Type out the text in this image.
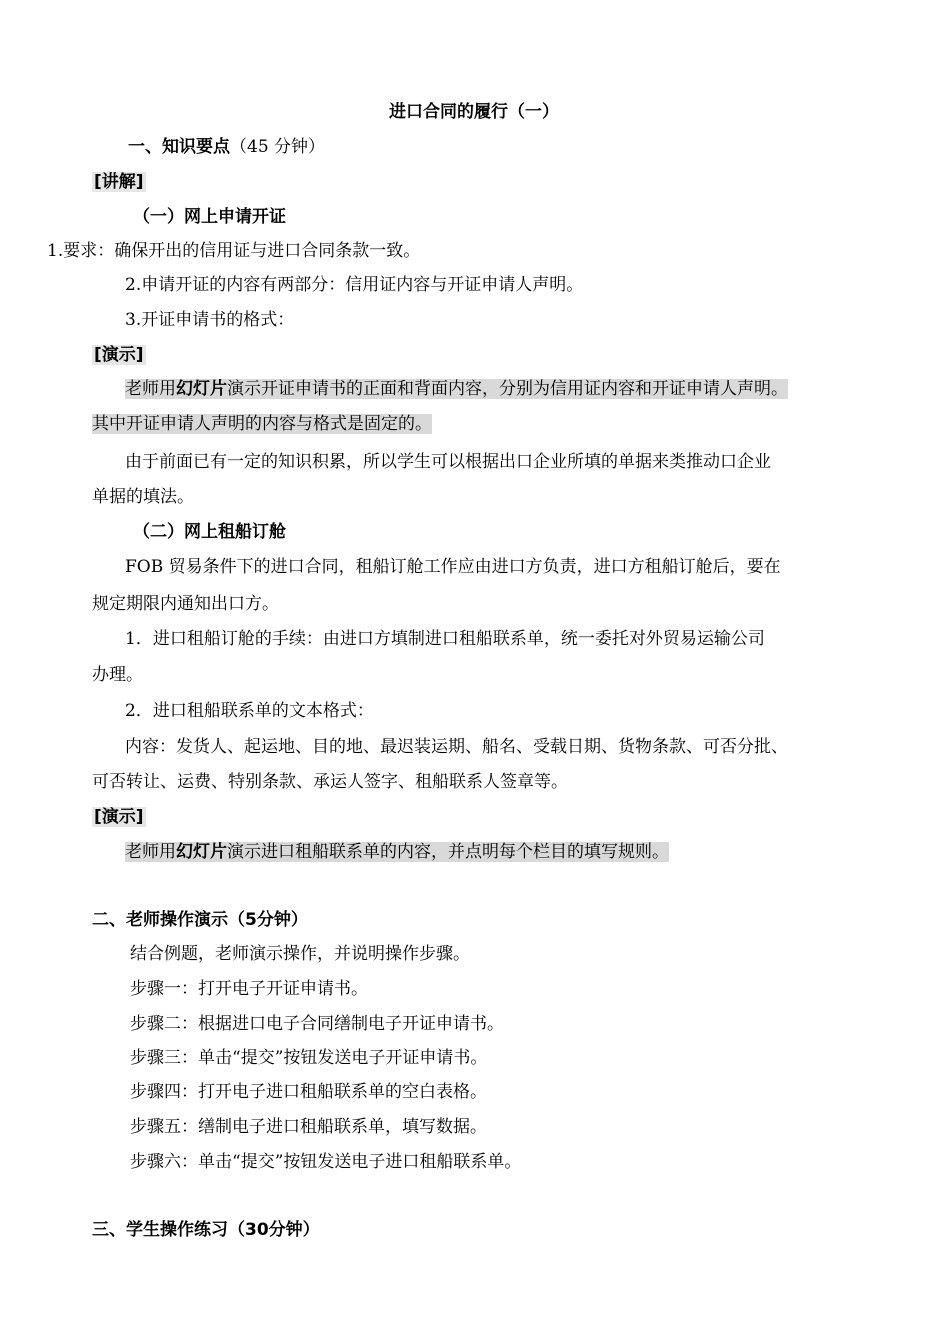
进口合同的履行（一）
一、知识要点（45 分钟）
[讲解]
（一）网上申请开证
1.要求：确保开出的信用证与进口合同条款一致。
2.申请开证的内容有两部分：信用证内容与开证申请人声明。
3.开证申请书的格式：
[演示]
老师用幻灯片演示开证申请书的正面和背面内容，分别为信用证内容和开证申请人声明。
其中开证申请人声明的内容与格式是固定的。
由于前面已有一定的知识积累，所以学生可以根据出口企业所填的单据来类推动口企业
单据的填法。
（二）网上租船订舱
FOB 贸易条件下的进口合同，租船订舱工作应由进口方负责，进口方租船订舱后，要在
规定期限内通知出口方。
1．进口租船订舱的手续：由进口方填制进口租船联系单，统一委托对外贸易运输公司
办理。
2．进口租船联系单的文本格式：
内容：发货人、起运地、目的地、最迟装运期、船名、受载日期、货物条款、可否分批、
可否转让、运费、特别条款、承运人签字、租船联系人签章等。
[演示]
老师用幻灯片演示进口租船联系单的内容，并点明每个栏目的填写规则。
二、老师操作演示（5分钟）
结合例题，老师演示操作，并说明操作步骤。
步骤一：打开电子开证申请书。
步骤二：根据进口电子合同缮制电子开证申请书。
步骤三：单击“提交”按钮发送电子开证申请书。
步骤四：打开电子进口租船联系单的空白表格。
步骤五：缮制电子进口租船联系单，填写数据。
步骤六：单击“提交”按钮发送电子进口租船联系单。
三、学生操作练习（30分钟）
